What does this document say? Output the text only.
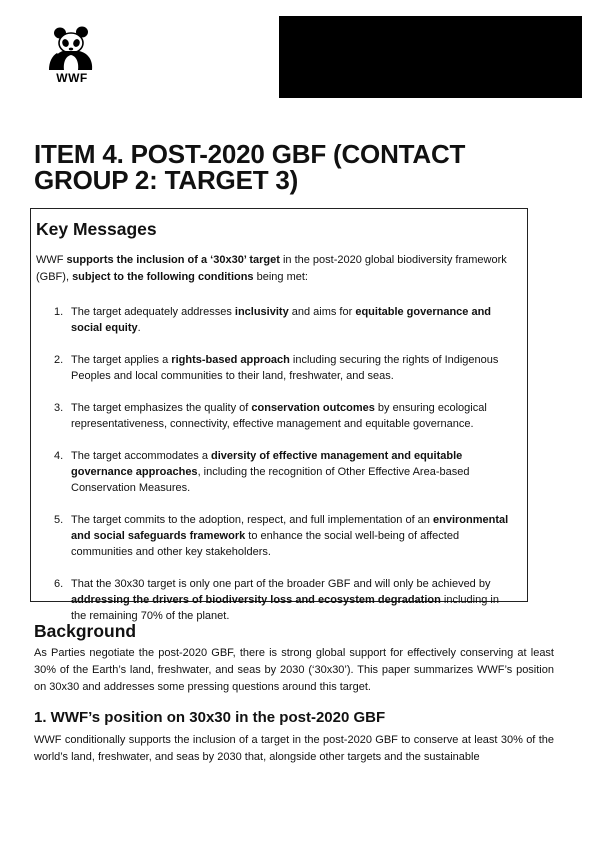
WWF
ITEM 4. POST-2020 GBF (CONTACT GROUP 2: TARGET 3)
Key Messages

WWF supports the inclusion of a ‘30x30’ target in the post-2020 global biodiversity framework (GBF), subject to the following conditions being met:

1. The target adequately addresses inclusivity and aims for equitable governance and social equity.
2. The target applies a rights-based approach including securing the rights of Indigenous Peoples and local communities to their land, freshwater, and seas.
3. The target emphasizes the quality of conservation outcomes by ensuring ecological representativeness, connectivity, effective management and equitable governance.
4. The target accommodates a diversity of effective management and equitable governance approaches, including the recognition of Other Effective Area-based Conservation Measures.
5. The target commits to the adoption, respect, and full implementation of an environmental and social safeguards framework to enhance the social well-being of affected communities and other key stakeholders.
6. That the 30x30 target is only one part of the broader GBF and will only be achieved by addressing the drivers of biodiversity loss and ecosystem degradation including in the remaining 70% of the planet.
Background

As Parties negotiate the post-2020 GBF, there is strong global support for effectively conserving at least 30% of the Earth’s land, freshwater, and seas by 2030 (‘30x30’). This paper summarizes WWF’s position on 30x30 and addresses some pressing questions around this target.

1. WWF’s position on 30x30 in the post-2020 GBF

WWF conditionally supports the inclusion of a target in the post-2020 GBF to conserve at least 30% of the world’s land, freshwater, and seas by 2030 that, alongside other targets and the sustainable
